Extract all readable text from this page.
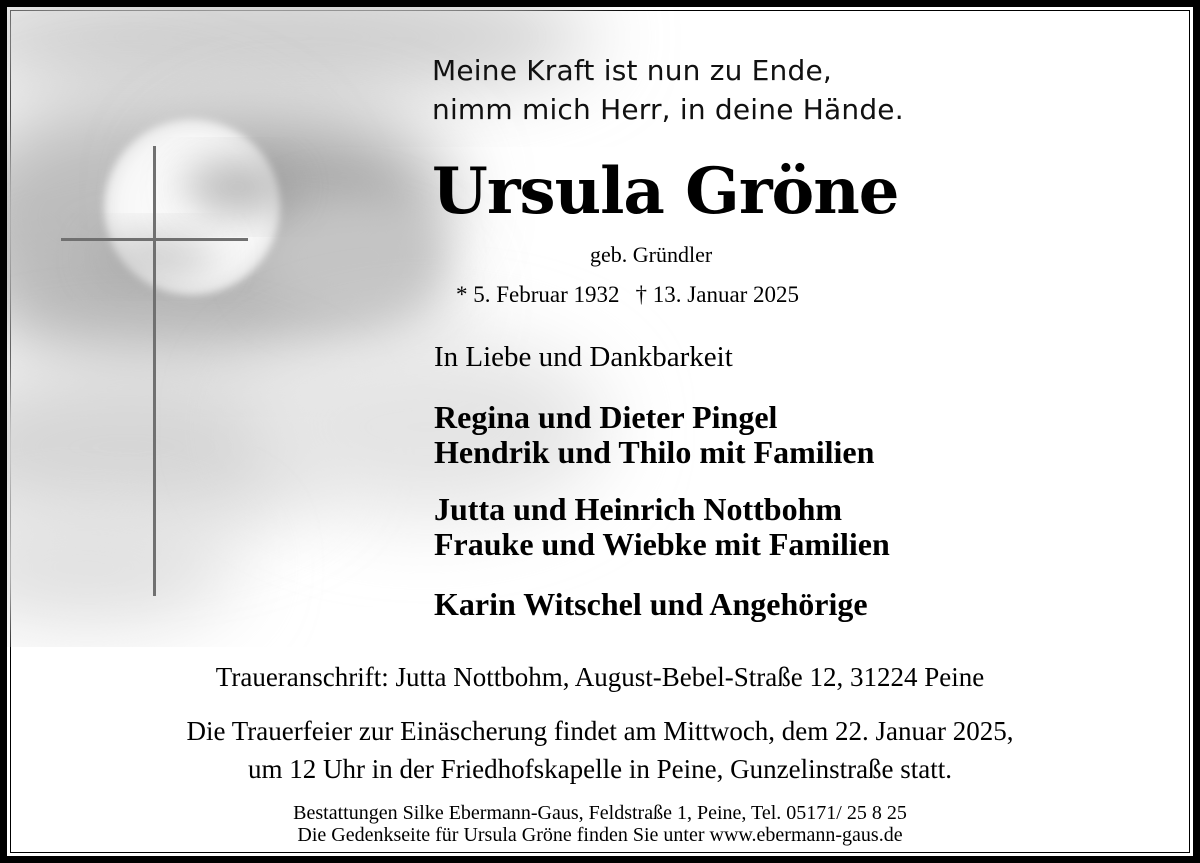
Meine Kraft ist nun zu Ende,
nimm mich Herr, in deine Hände.
Ursula Gröne
geb. Gründler
* 5. Februar 1932 † 13. Januar 2025
In Liebe und Dankbarkeit
Regina und Dieter Pingel
Hendrik und Thilo mit Familien
Jutta und Heinrich Nottbohm
Frauke und Wiebke mit Familien
Karin Witschel und Angehörige
Traueranschrift: Jutta Nottbohm, August-Bebel-Straße 12, 31224 Peine
Die Trauerfeier zur Einäscherung findet am Mittwoch, dem 22. Januar 2025,
um 12 Uhr in der Friedhofskapelle in Peine, Gunzelinstraße statt.
Bestattungen Silke Ebermann-Gaus, Feldstraße 1, Peine, Tel. 05171/ 25 8 25
Die Gedenkseite für Ursula Gröne finden Sie unter www.ebermann-gaus.de
